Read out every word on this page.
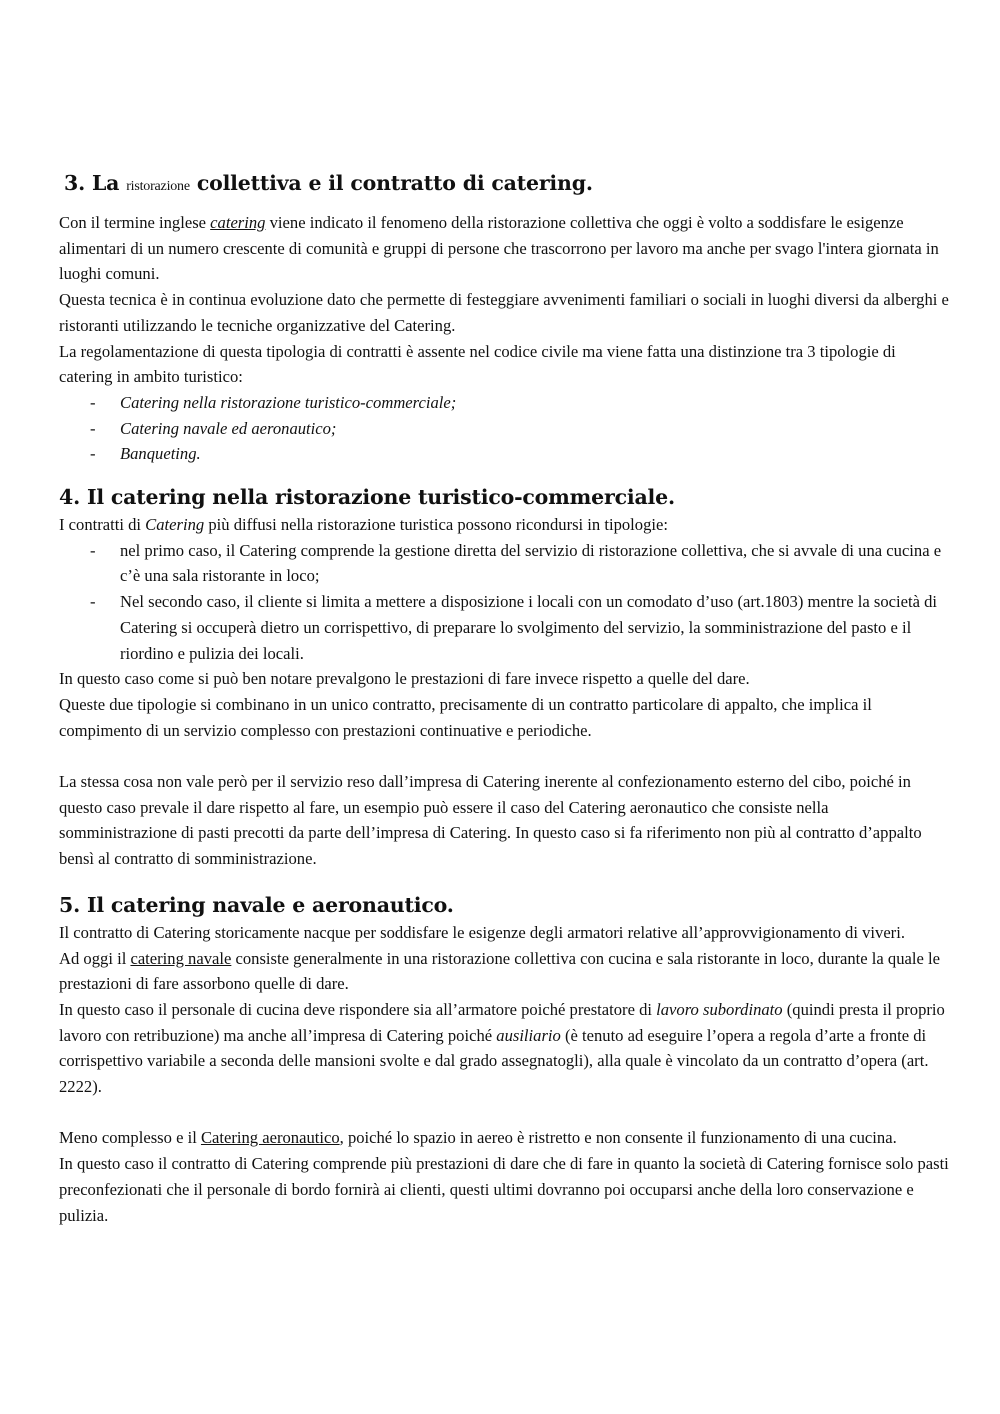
3. La ristorazione collettiva e il contratto di catering.

Con il termine inglese catering viene indicato il fenomeno della ristorazione collettiva che oggi è volto a soddisfare le esigenze alimentari di un numero crescente di comunità e gruppi di persone che trascorrono per lavoro ma anche per svago l'intera giornata in luoghi comuni.

Questa tecnica è in continua evoluzione dato che permette di festeggiare avvenimenti familiari o sociali in luoghi diversi da alberghi e ristoranti utilizzando le tecniche organizzative del Catering.

La regolamentazione di questa tipologia di contratti è assente nel codice civile ma viene fatta una distinzione tra 3 tipologie di catering in ambito turistico:

- Catering nella ristorazione turistico-commerciale;
- Catering navale ed aeronautico;
- Banqueting.
4. Il catering nella ristorazione turistico-commerciale.

I contratti di Catering più diffusi nella ristorazione turistica possono ricondursi in tipologie:

- nel primo caso, il Catering comprende la gestione diretta del servizio di ristorazione collettiva, che si avvale di una cucina e c’è una sala ristorante in loco;
- Nel secondo caso, il cliente si limita a mettere a disposizione i locali con un comodato d’uso (art.1803) mentre la società di Catering si occuperà dietro un corrispettivo, di preparare lo svolgimento del servizio, la somministrazione del pasto e il riordino e pulizia dei locali.

In questo caso come si può ben notare prevalgono le prestazioni di fare invece rispetto a quelle del dare.

Queste due tipologie si combinano in un unico contratto, precisamente di un contratto particolare di appalto, che implica il compimento di un servizio complesso con prestazioni continuative e periodiche.

La stessa cosa non vale però per il servizio reso dall’impresa di Catering inerente al confezionamento esterno del cibo, poiché in questo caso prevale il dare rispetto al fare, un esempio può essere il caso del Catering aeronautico che consiste nella somministrazione di pasti precotti da parte dell’impresa di Catering. In questo caso si fa riferimento non più al contratto d’appalto bensì al contratto di somministrazione.

5. Il catering navale e aeronautico.

Il contratto di Catering storicamente nacque per soddisfare le esigenze degli armatori relative all’approvvigionamento di viveri.

Ad oggi il catering navale consiste generalmente in una ristorazione collettiva con cucina e sala ristorante in loco, durante la quale le prestazioni di fare assorbono quelle di dare.

In questo caso il personale di cucina deve rispondere sia all’armatore poiché prestatore di lavoro subordinato (quindi presta il proprio lavoro con retribuzione) ma anche all’impresa di Catering poiché ausiliario (è tenuto ad eseguire l’opera a regola d’arte a fronte di corrispettivo variabile a seconda delle mansioni svolte e dal grado assegnatogli), alla quale è vincolato da un contratto d’opera (art. 2222).

Meno complesso e il Catering aeronautico, poiché lo spazio in aereo è ristretto e non consente il funzionamento di una cucina.

In questo caso il contratto di Catering comprende più prestazioni di dare che di fare in quanto la società di Catering fornisce solo pasti preconfezionati che il personale di bordo fornirà ai clienti, questi ultimi dovranno poi occuparsi anche della loro conservazione e pulizia.
